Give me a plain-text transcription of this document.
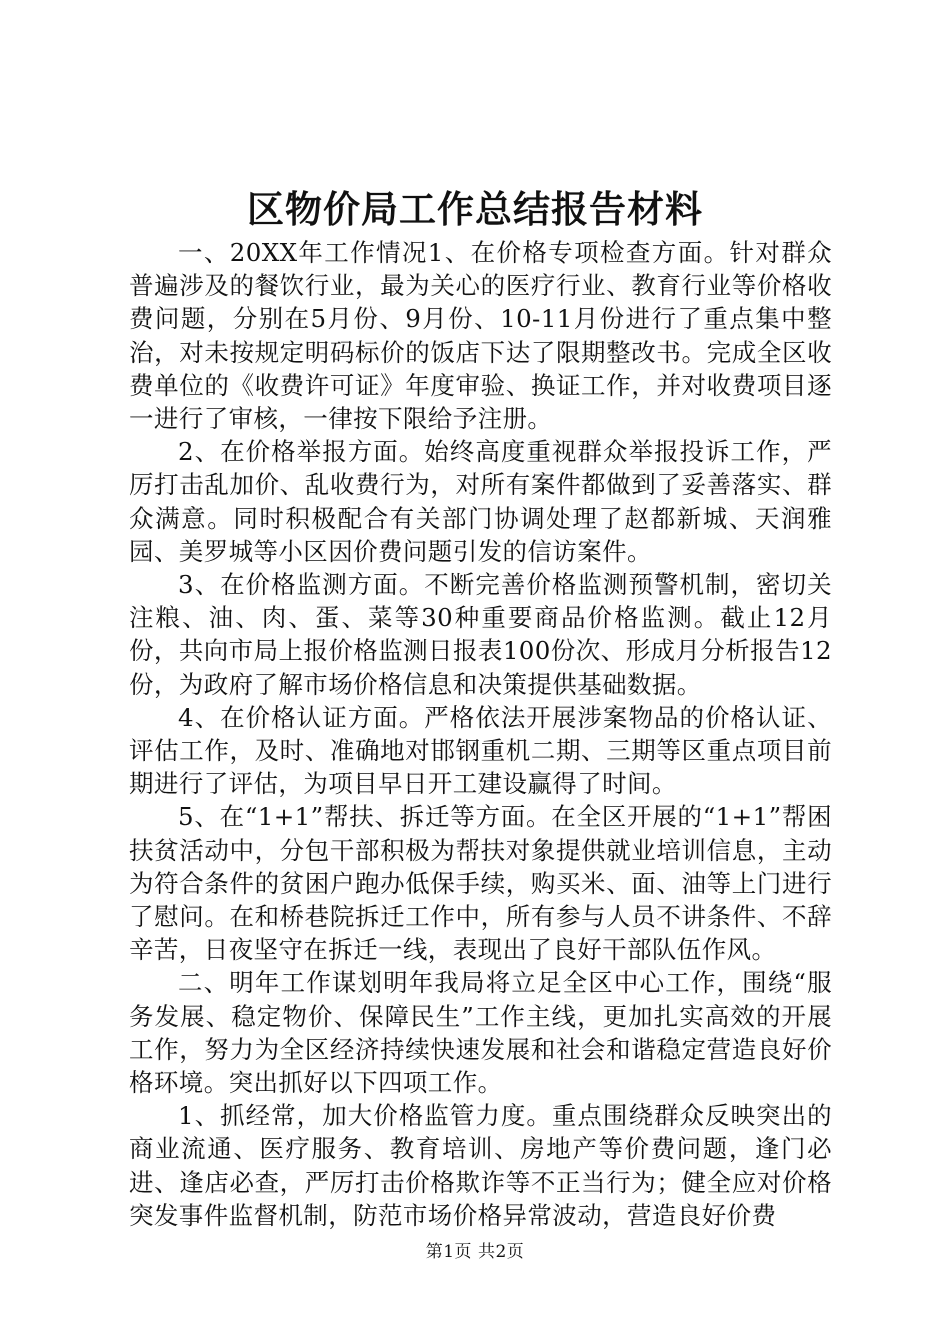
区物价局工作总结报告材料

一、20XX年工作情况1、在价格专项检查方面。针对群众普遍涉及的餐饮行业，最为关心的医疗行业、教育行业等价格收费问题，分别在5月份、9月份、10-11月份进行了重点集中整治，对未按规定明码标价的饭店下达了限期整改书。完成全区收费单位的《收费许可证》年度审验、换证工作，并对收费项目逐一进行了审核，一律按下限给予注册。

2、在价格举报方面。始终高度重视群众举报投诉工作，严厉打击乱加价、乱收费行为，对所有案件都做到了妥善落实、群众满意。同时积极配合有关部门协调处理了赵都新城、天润雅园、美罗城等小区因价费问题引发的信访案件。

3、在价格监测方面。不断完善价格监测预警机制，密切关注粮、油、肉、蛋、菜等30种重要商品价格监测。截止12月份，共向市局上报价格监测日报表100份次、形成月分析报告12份，为政府了解市场价格信息和决策提供基础数据。

4、在价格认证方面。严格依法开展涉案物品的价格认证、评估工作，及时、准确地对邯钢重机二期、三期等区重点项目前期进行了评估，为项目早日开工建设赢得了时间。

5、在“1+1”帮扶、拆迁等方面。在全区开展的“1+1”帮困扶贫活动中，分包干部积极为帮扶对象提供就业培训信息，主动为符合条件的贫困户跑办低保手续，购买米、面、油等上门进行了慰问。在和桥巷院拆迁工作中，所有参与人员不讲条件、不辞辛苦，日夜坚守在拆迁一线，表现出了良好干部队伍作风。

二、明年工作谋划明年我局将立足全区中心工作，围绕“服务发展、稳定物价、保障民生”工作主线，更加扎实高效的开展工作，努力为全区经济持续快速发展和社会和谐稳定营造良好价格环境。突出抓好以下四项工作。

1、抓经常，加大价格监管力度。重点围绕群众反映突出的商业流通、医疗服务、教育培训、房地产等价费问题，逢门必进、逢店必查，严厉打击价格欺诈等不正当行为；健全应对价格突发事件监督机制，防范市场价格异常波动，营造良好价费

第1页 共2页
